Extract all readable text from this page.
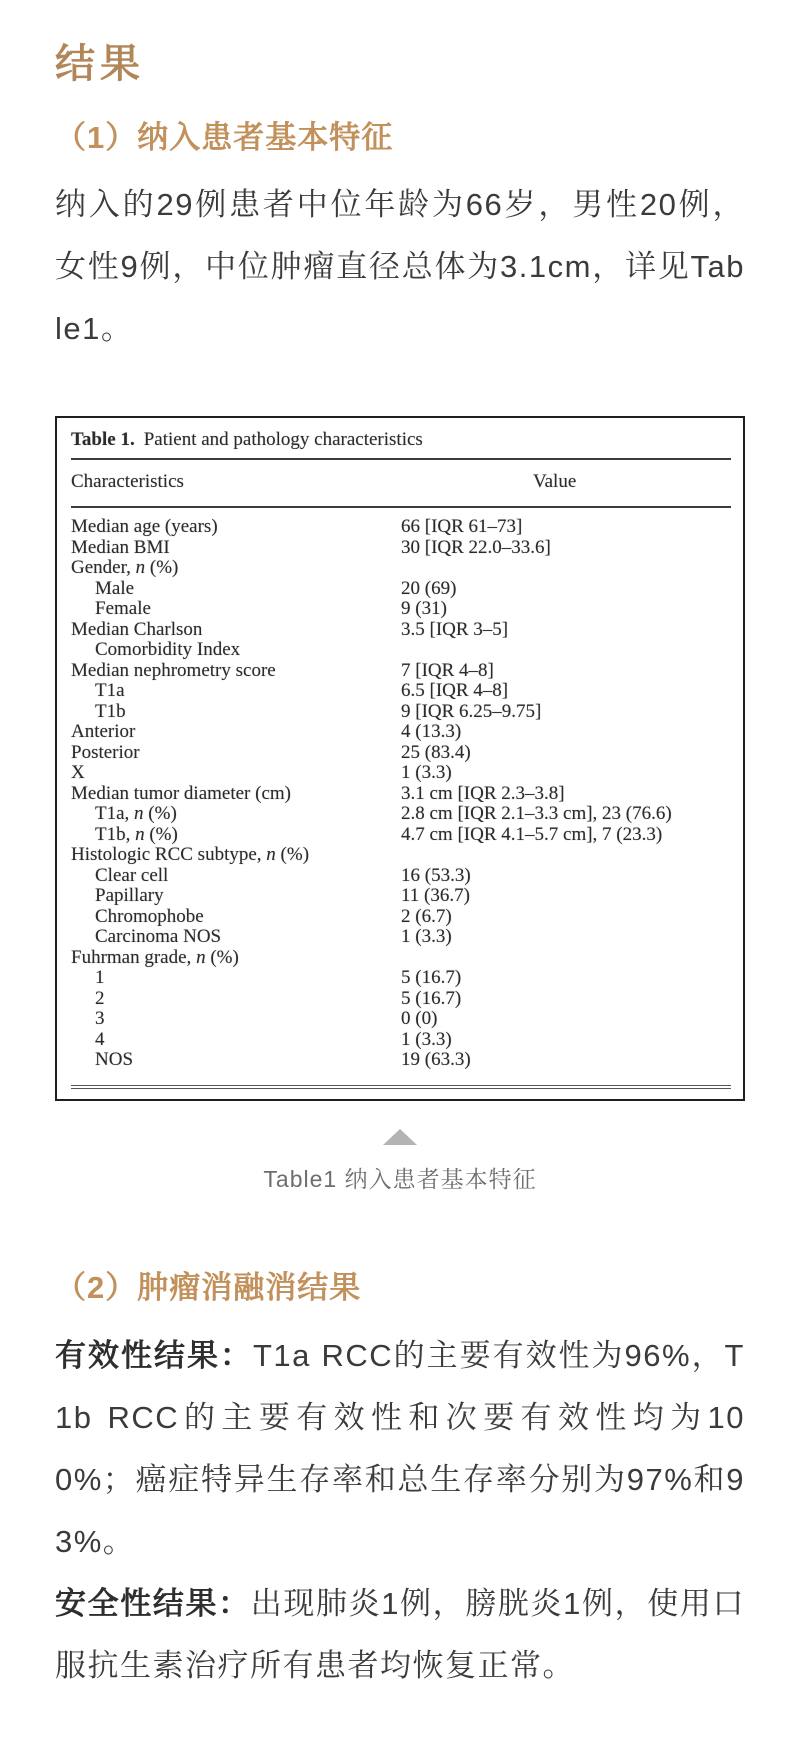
结果
（1）纳入患者基本特征

纳入的29例患者中位年龄为66岁，男性20例，女性9例，中位肿瘤直径总体为3.1cm，详见Table1。

Table 1. Patient and pathology characteristics
Characteristics	Value
Median age (years)	66 [IQR 61–73]
Median BMI	30 [IQR 22.0–33.6]
Gender, n (%)
Male	20 (69)
Female	9 (31)
Median Charlson	3.5 [IQR 3–5]
Comorbidity Index
Median nephrometry score	7 [IQR 4–8]
T1a	6.5 [IQR 4–8]
T1b	9 [IQR 6.25–9.75]
Anterior	4 (13.3)
Posterior	25 (83.4)
X	1 (3.3)
Median tumor diameter (cm)	3.1 cm [IQR 2.3–3.8]
T1a, n (%)	2.8 cm [IQR 2.1–3.3 cm], 23 (76.6)
T1b, n (%)	4.7 cm [IQR 4.1–5.7 cm], 7 (23.3)
Histologic RCC subtype, n (%)
Clear cell	16 (53.3)
Papillary	11 (36.7)
Chromophobe	2 (6.7)
Carcinoma NOS	1 (3.3)
Fuhrman grade, n (%)
1	5 (16.7)
2	5 (16.7)
3	0 (0)
4	1 (3.3)
NOS	19 (63.3)
Table1 纳入患者基本特征
（2）肿瘤消融消结果

有效性结果：T1a RCC的主要有效性为96%，T1b RCC的主要有效性和次要有效性均为100%；癌症特异生存率和总生存率分别为97%和93%。

安全性结果：出现肺炎1例，膀胱炎1例，使用口服抗生素治疗所有患者均恢复正常。
